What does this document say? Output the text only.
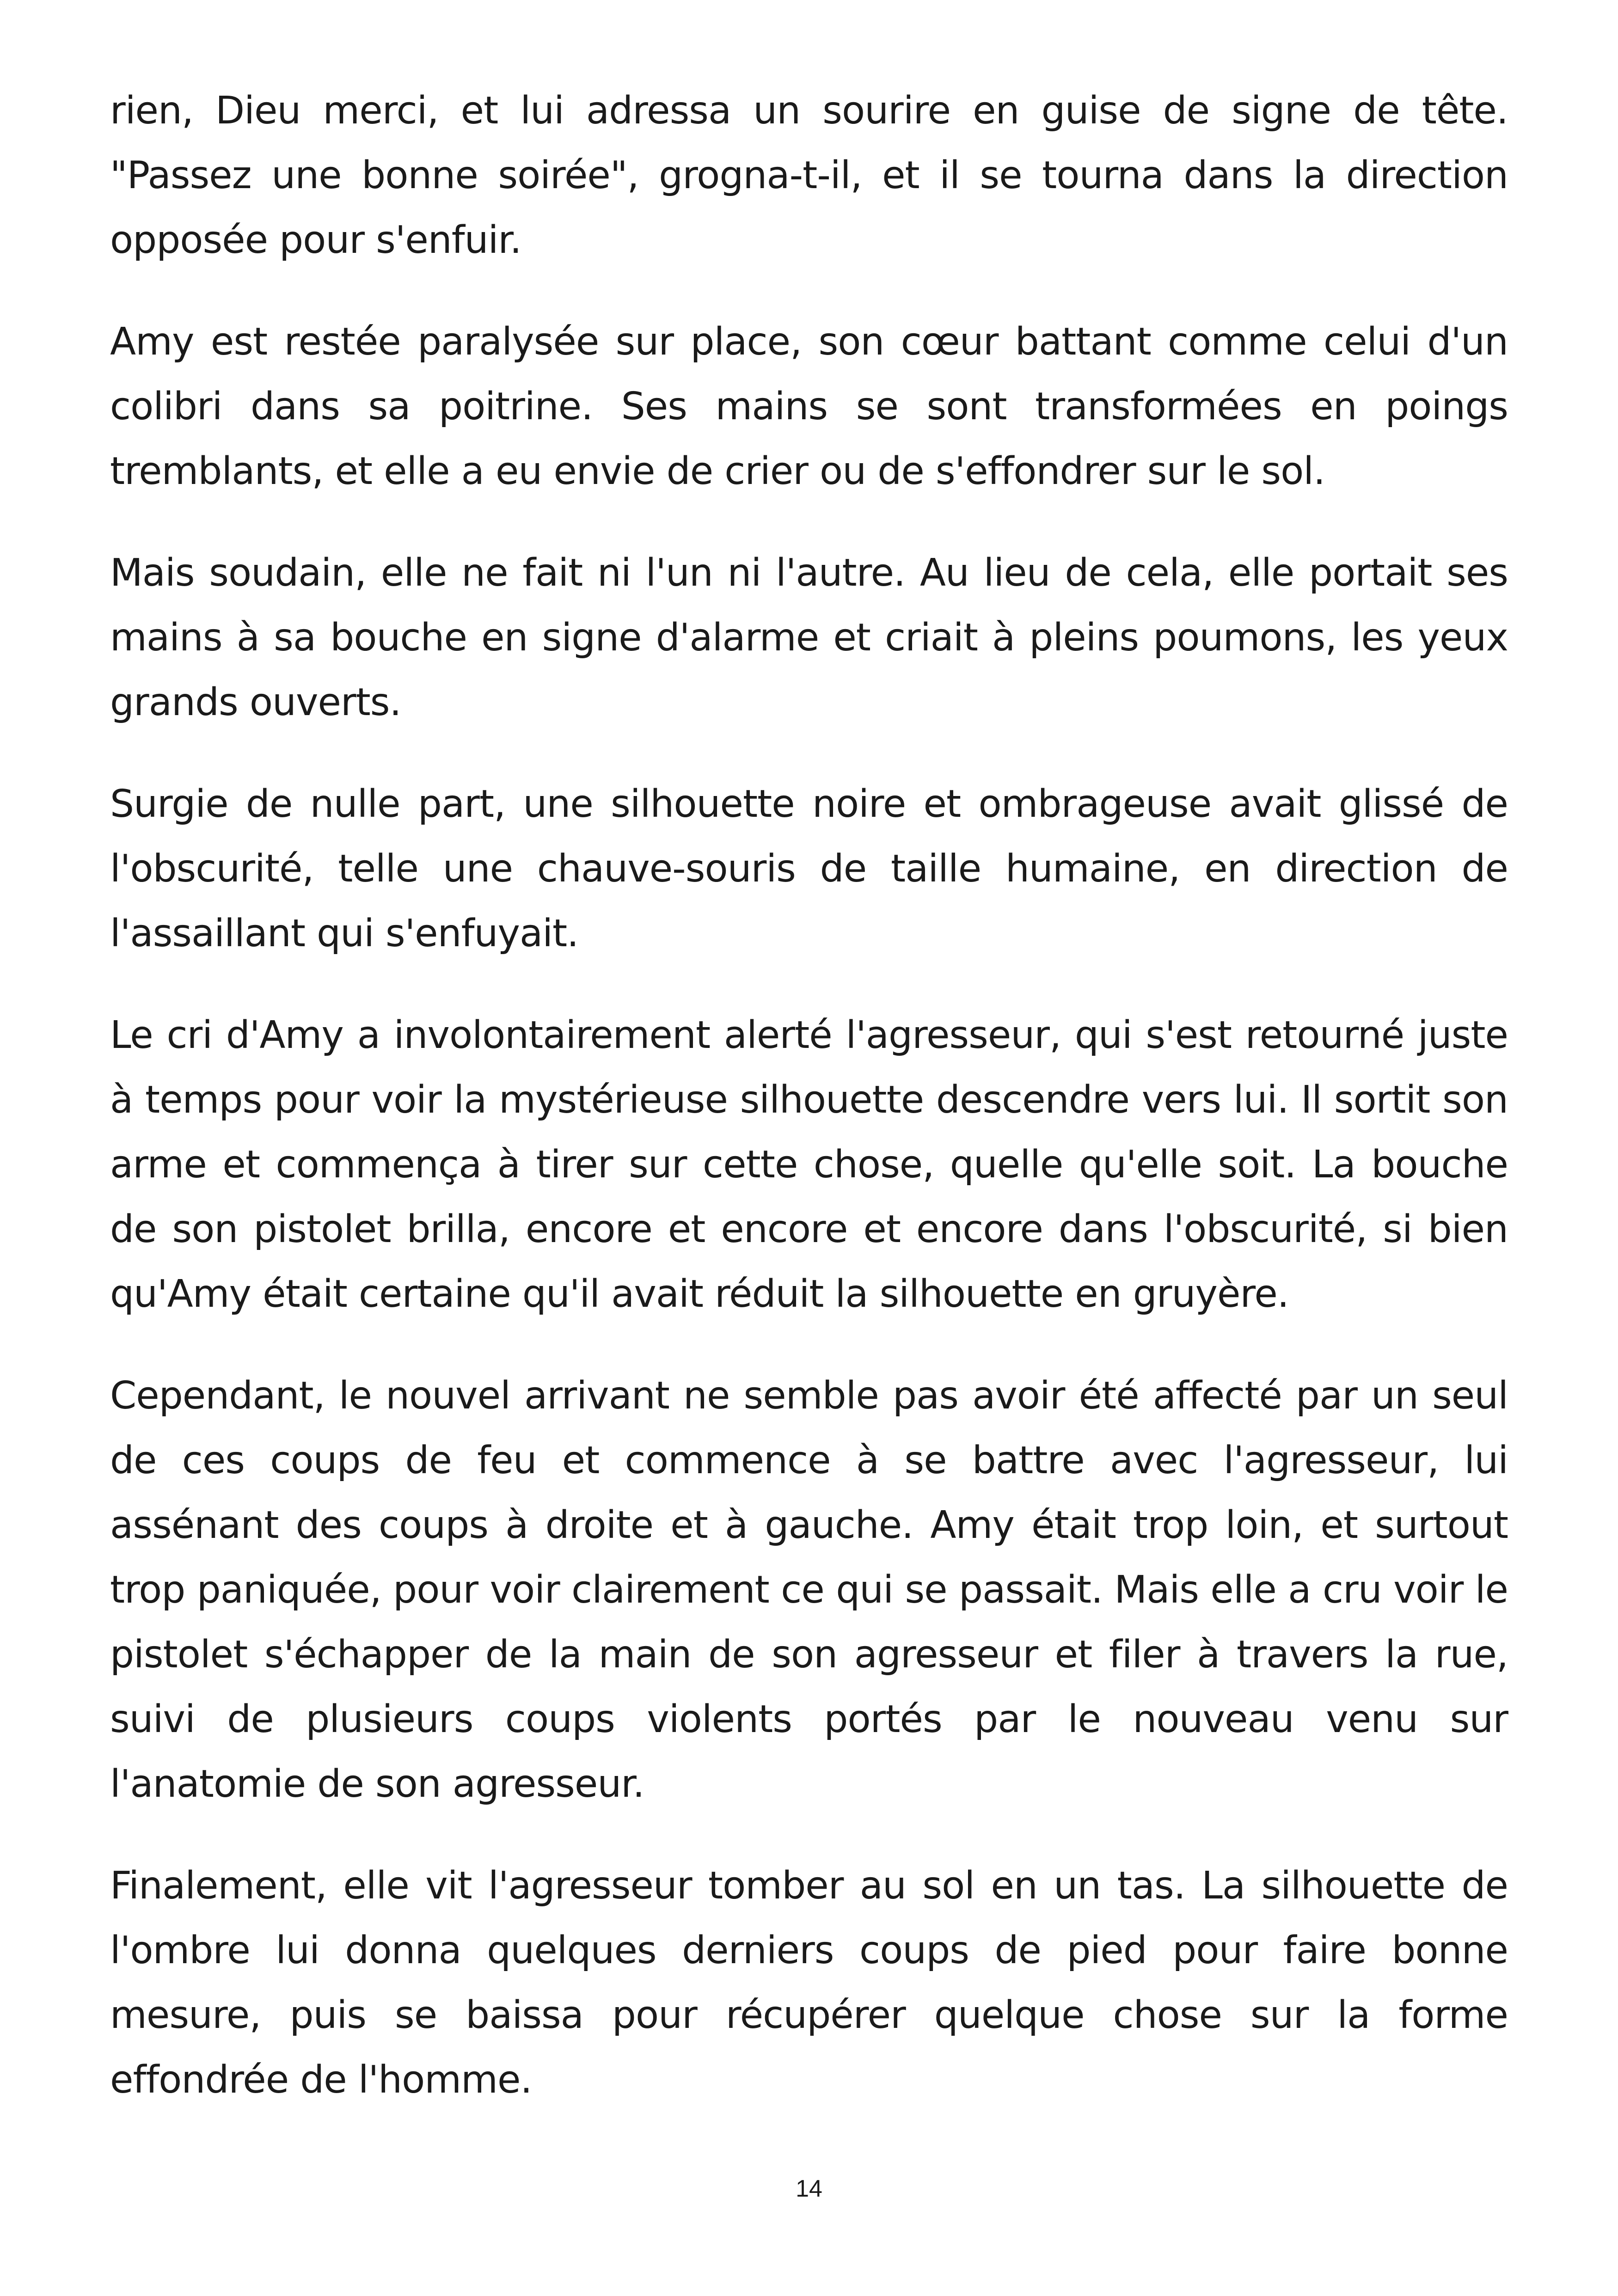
rien, Dieu merci, et lui adressa un sourire en guise de signe de tête. "Passez une bonne soirée", grogna-t-il, et il se tourna dans la direction opposée pour s'enfuir.

Amy est restée paralysée sur place, son cœur battant comme celui d'un colibri dans sa poitrine. Ses mains se sont transformées en poings tremblants, et elle a eu envie de crier ou de s'effondrer sur le sol.

Mais soudain, elle ne fait ni l'un ni l'autre. Au lieu de cela, elle portait ses mains à sa bouche en signe d'alarme et criait à pleins poumons, les yeux grands ouverts.

Surgie de nulle part, une silhouette noire et ombrageuse avait glissé de l'obscurité, telle une chauve-souris de taille humaine, en direction de l'assaillant qui s'enfuyait.

Le cri d'Amy a involontairement alerté l'agresseur, qui s'est retourné juste à temps pour voir la mystérieuse silhouette descendre vers lui. Il sortit son arme et commença à tirer sur cette chose, quelle qu'elle soit. La bouche de son pistolet brilla, encore et encore et encore dans l'obscurité, si bien qu'Amy était certaine qu'il avait réduit la silhouette en gruyère.

Cependant, le nouvel arrivant ne semble pas avoir été affecté par un seul de ces coups de feu et commence à se battre avec l'agresseur, lui assénant des coups à droite et à gauche. Amy était trop loin, et surtout trop paniquée, pour voir clairement ce qui se passait. Mais elle a cru voir le pistolet s'échapper de la main de son agresseur et filer à travers la rue, suivi de plusieurs coups violents portés par le nouveau venu sur l'anatomie de son agresseur.

Finalement, elle vit l'agresseur tomber au sol en un tas. La silhouette de l'ombre lui donna quelques derniers coups de pied pour faire bonne mesure, puis se baissa pour récupérer quelque chose sur la forme effondrée de l'homme.

14
